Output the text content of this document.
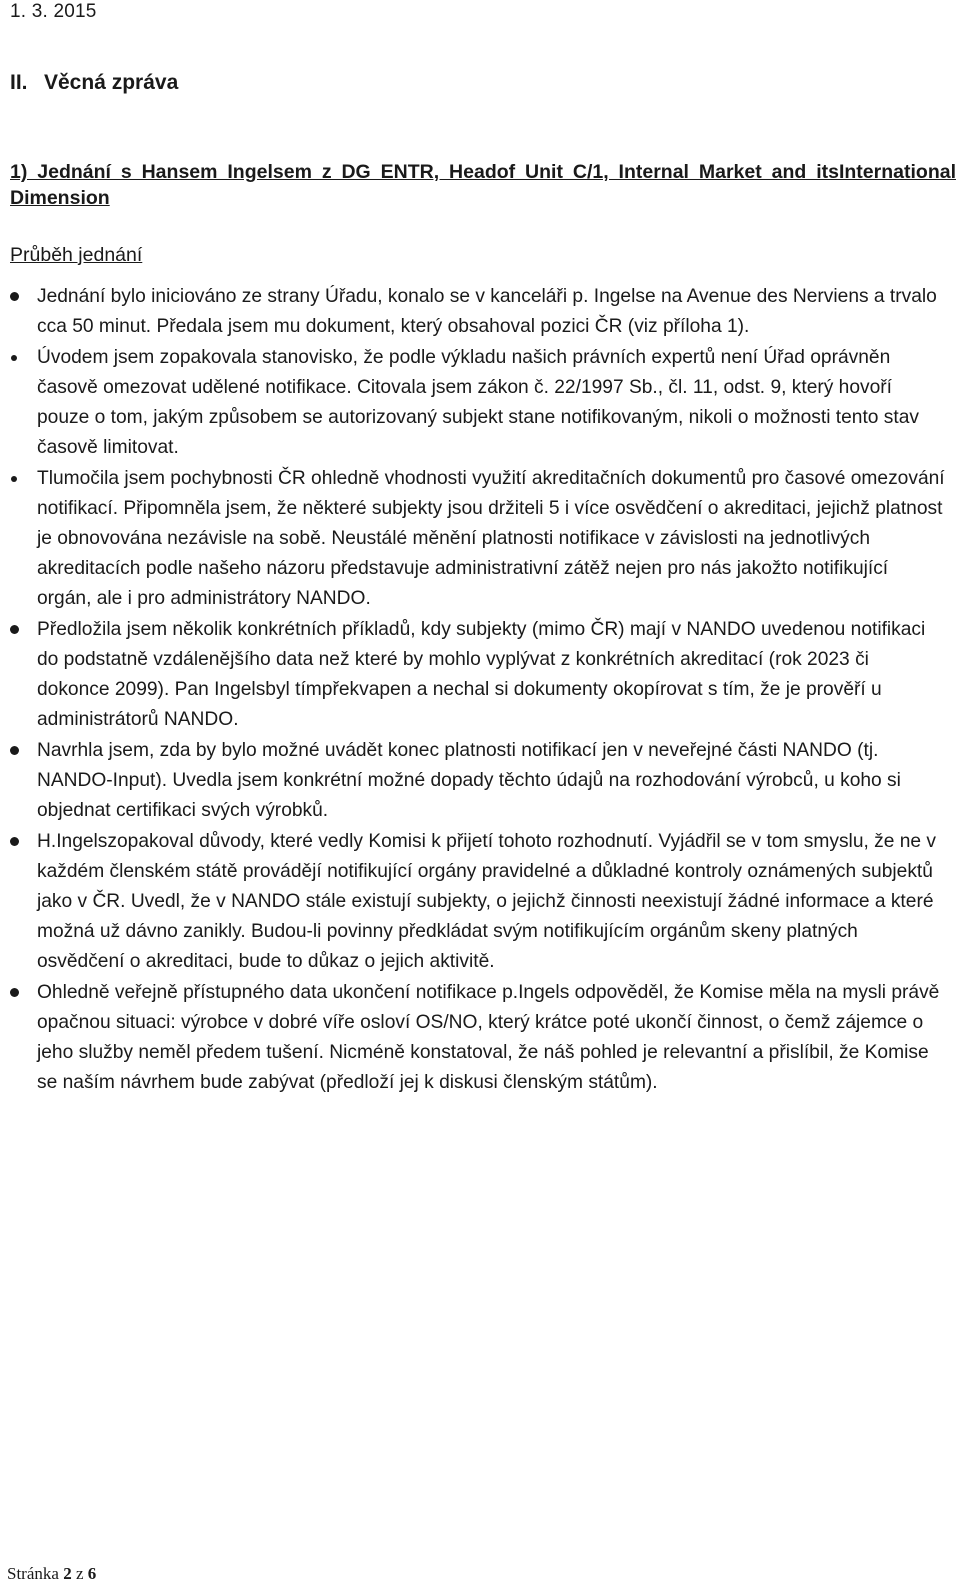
1. 3. 2015
II. Věcná zpráva
1) Jednání s Hansem Ingelsem z DG ENTR, Headof Unit C/1, Internal Market and itsInternational Dimension
Průběh jednání
Jednání bylo iniciováno ze strany Úřadu, konalo se v kanceláři p. Ingelse na Avenue des Nerviens a trvalo cca 50 minut. Předala jsem mu dokument, který obsahoval pozici ČR (viz příloha 1).
Úvodem jsem zopakovala stanovisko, že podle výkladu našich právních expertů není Úřad oprávněn časově omezovat udělené notifikace. Citovala jsem zákon č. 22/1997 Sb., čl. 11, odst. 9, který hovoří pouze o tom, jakým způsobem se autorizovaný subjekt stane notifikovaným, nikoli o možnosti tento stav časově limitovat.
Tlumočila jsem pochybnosti ČR ohledně vhodnosti využití akreditačních dokumentů pro časové omezování notifikací. Připomněla jsem, že některé subjekty jsou držiteli 5 i více osvědčení o akreditaci, jejichž platnost je obnovována nezávisle na sobě. Neustálé měnění platnosti notifikace v závislosti na jednotlivých akreditacích podle našeho názoru představuje administrativní zátěž nejen pro nás jakožto notifikující orgán, ale i pro administrátory NANDO.
Předložila jsem několik konkrétních příkladů, kdy subjekty (mimo ČR) mají v NANDO uvedenou notifikaci do podstatně vzdálenějšího data než které by mohlo vyplývat z konkrétních akreditací (rok 2023 či dokonce 2099). Pan Ingelsbyl tímpřekvapen a nechal si dokumenty okopírovat s tím, že je prověří u administrátorů NANDO.
Navrhla jsem, zda by bylo možné uvádět konec platnosti notifikací jen v neveřejné části NANDO (tj. NANDO-Input). Uvedla jsem konkrétní možné dopady těchto údajů na rozhodování výrobců, u koho si objednat certifikaci svých výrobků.
H.Ingelszopakoval důvody, které vedly Komisi k přijetí tohoto rozhodnutí. Vyjádřil se v tom smyslu, že ne v každém členském státě provádějí notifikující orgány pravidelné a důkladné kontroly oznámených subjektů jako v ČR. Uvedl, že v NANDO stále existují subjekty, o jejichž činnosti neexistují žádné informace a které možná už dávno zanikly. Budou-li povinny předkládat svým notifikujícím orgánům skeny platných osvědčení o akreditaci, bude to důkaz o jejich aktivitě.
Ohledně veřejně přístupného data ukončení notifikace p.Ingels odpověděl, že Komise měla na mysli právě opačnou situaci: výrobce v dobré víře osloví OS/NO, který krátce poté ukončí činnost, o čemž zájemce o jeho služby neměl předem tušení. Nicméně konstatoval, že náš pohled je relevantní a přislíbil, že Komise se naším návrhem bude zabývat (předloží jej k diskusi členským státům).
Stránka 2 z 6
